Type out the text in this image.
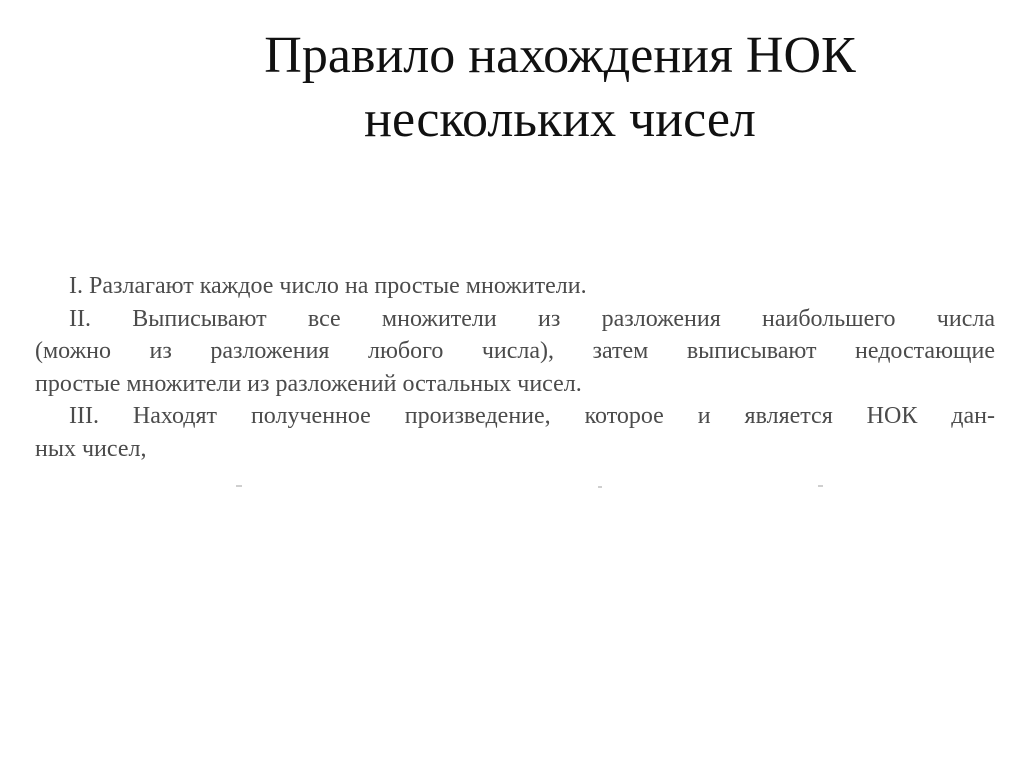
Правило нахождения НОК
нескольких чисел
I. Разлагают каждое число на простые множители.
II. Выписывают все множители из разложения наибольшего числа
(можно из разложения любого числа), затем выписывают недостающие
простые множители из разложений остальных чисел.
III. Находят полученное произведение, которое и является НОК дан-
ных чисел,
